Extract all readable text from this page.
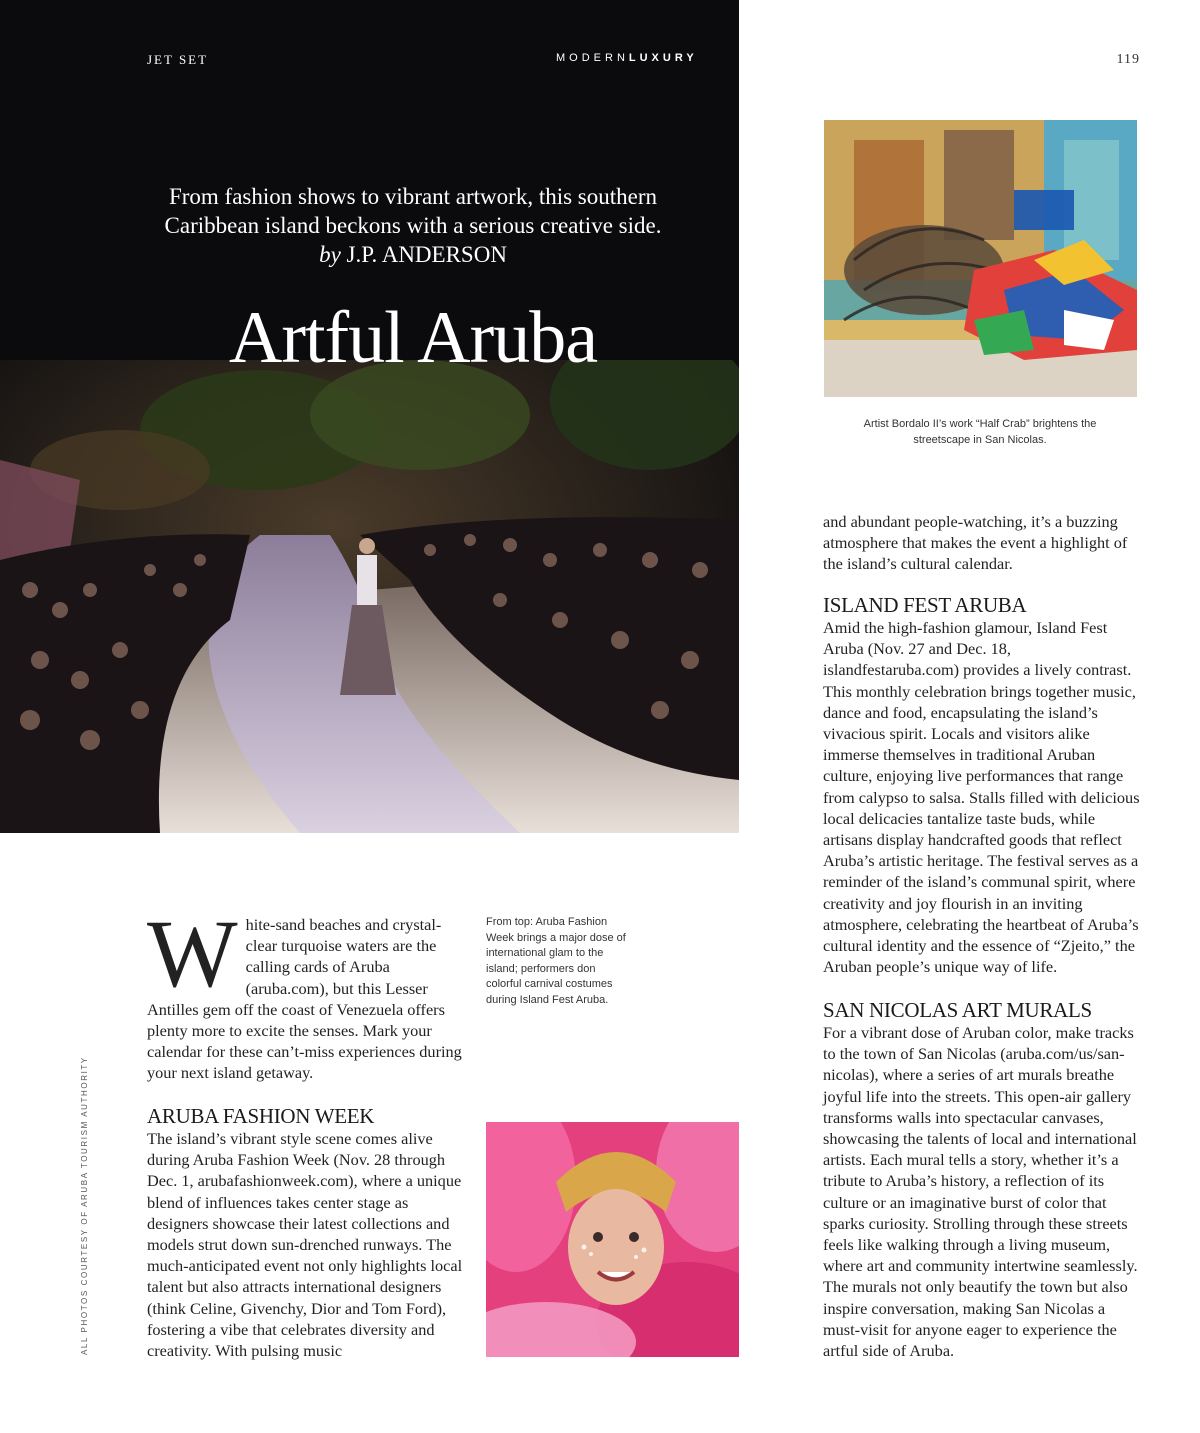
JET SET	MODERNLUXURY
From fashion shows to vibrant artwork, this southern
Caribbean island beckons with a serious creative side.
by J.P. ANDERSON
Artful Aruba
119
Artist Bordalo II’s work “Half Crab” brightens the streetscape in San Nicolas.
White-sand beaches and crystal-clear turquoise waters are the calling cards of Aruba (aruba.com), but this Lesser Antilles gem off the coast of Venezuela offers plenty more to excite the senses. Mark your calendar for these can’t-miss experiences during your next island getaway.
From top: Aruba Fashion Week brings a major dose of international glam to the island; performers don colorful carnival costumes during Island Fest Aruba.
ARUBA FASHION WEEK
The island’s vibrant style scene comes alive during Aruba Fashion Week (Nov. 28 through Dec. 1, arubafashionweek.com), where a unique blend of influences takes center stage as designers showcase their latest collections and models strut down sun-drenched runways. The much-anticipated event not only highlights local talent but also attracts international designers (think Celine, Givenchy, Dior and Tom Ford), fostering a vibe that celebrates diversity and creativity. With pulsing music
and abundant people-watching, it’s a buzzing atmosphere that makes the event a highlight of the island’s cultural calendar.
ISLAND FEST ARUBA
Amid the high-fashion glamour, Island Fest Aruba (Nov. 27 and Dec. 18, islandfestaruba.com) provides a lively contrast. This monthly celebration brings together music, dance and food, encapsulating the island’s vivacious spirit. Locals and visitors alike immerse themselves in traditional Aruban culture, enjoying live performances that range from calypso to salsa. Stalls filled with delicious local delicacies tantalize taste buds, while artisans display handcrafted goods that reflect Aruba’s artistic heritage. The festival serves as a reminder of the island’s communal spirit, where creativity and joy flourish in an inviting atmosphere, celebrating the heartbeat of Aruba’s cultural identity and the essence of “Zjeito,” the Aruban people’s unique way of life.
SAN NICOLAS ART MURALS
For a vibrant dose of Aruban color, make tracks to the town of San Nicolas (aruba.com/us/san-nicolas), where a series of art murals breathe joyful life into the streets. This open-air gallery transforms walls into spectacular canvases, showcasing the talents of local and international artists. Each mural tells a story, whether it’s a tribute to Aruba’s history, a reflection of its culture or an imaginative burst of color that sparks curiosity. Strolling through these streets feels like walking through a living museum, where art and community intertwine seamlessly. The murals not only beautify the town but also inspire conversation, making San Nicolas a must-visit for anyone eager to experience the artful side of Aruba.
ALL PHOTOS COURTESY OF ARUBA TOURISM AUTHORITY
